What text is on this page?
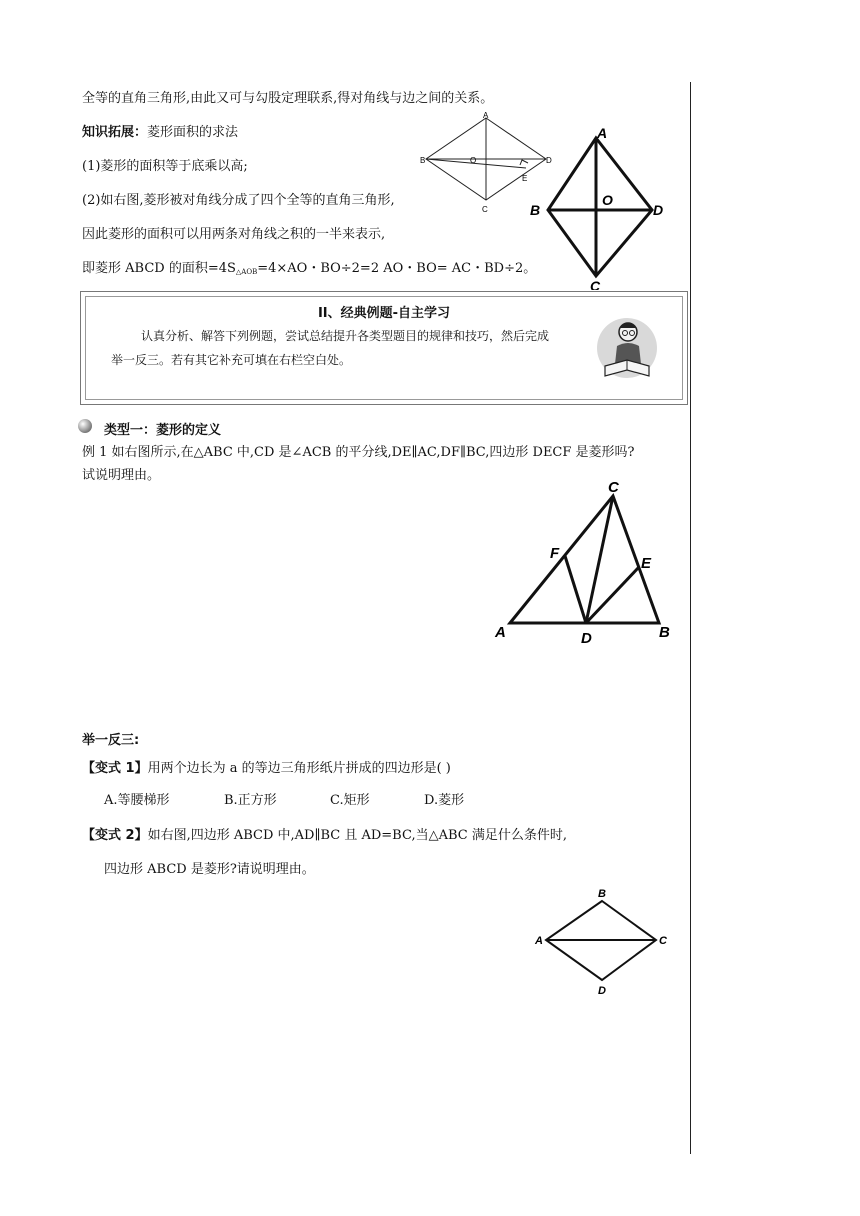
全等的直角三角形,由此又可与勾股定理联系,得对角线与边之间的关系。
知识拓展：菱形面积的求法
(1)菱形的面积等于底乘以高;
(2)如右图,菱形被对角线分成了四个全等的直角三角形,
因此菱形的面积可以用两条对角线之积的一半来表示,
即菱形 ABCD 的面积$=4S_{\triangle AOB}=4\times AO$・BO÷2=2 AO・BO= AC・BD÷2。
A
B	D
O
E
C
A
B	D
O
C
II、经典例题-自主学习
认真分析、解答下列例题，尝试总结提升各类型题目的规律和技巧，然后完成
举一反三。若有其它补充可填在右栏空白处。
类型一：菱形的定义
例 1 如右图所示,在△ABC 中,CD 是∠ACB 的平分线,DE∥AC,DF∥BC,四边形 DECF 是菱形吗?
试说明理由。
C
A	B
D
F
E
举一反三:
【变式 1】用两个边长为 a 的等边三角形纸片拼成的四边形是( )
A.等腰梯形	B.正方形	C.矩形	D.菱形
【变式 2】如右图,四边形 ABCD 中,AD∥BC 且 AD=BC,当△ABC 满足什么条件时,
四边形 ABCD 是菱形?请说明理由。
B
A	C
D
